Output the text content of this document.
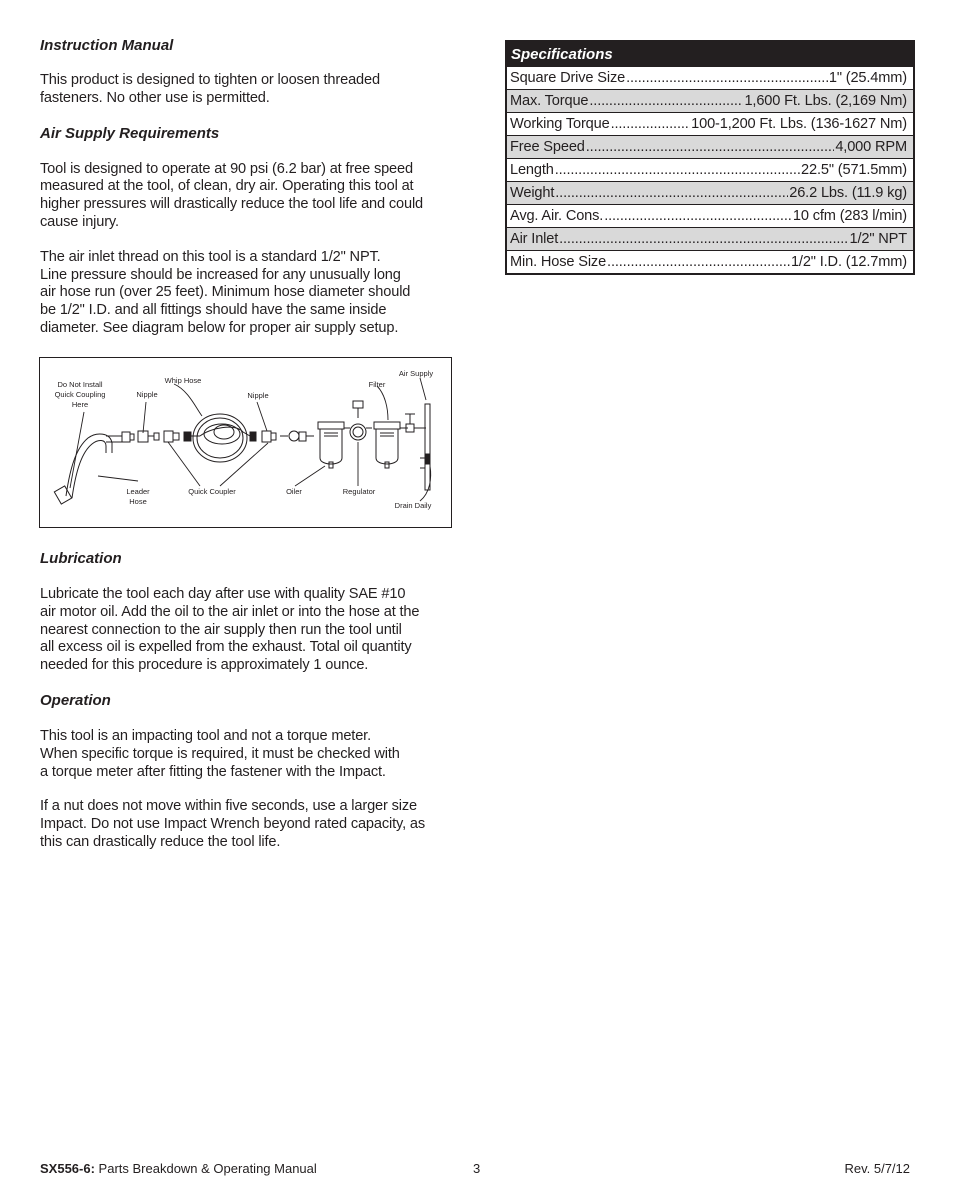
Instruction Manual

This product is designed to tighten or loosen threaded
fasteners. No other use is permitted.

Air Supply Requirements

Tool is designed to operate at 90 psi (6.2 bar) at free speed
measured at the tool, of clean, dry air. Operating this tool at
higher pressures will drastically reduce the tool life and could
cause injury.

The air inlet thread on this tool is a standard 1/2" NPT.
Line pressure should be increased for any unusually long
air hose run (over 25 feet). Minimum hose diameter should
be 1/2" I.D. and all fittings should have the same inside
diameter. See diagram below for proper air supply setup.

Do Not Install
Quick Coupling
Here
Nipple
Whip Hose
Nipple
Filter
Air Supply
Leader
Hose
Quick Coupler	Oiler	Regulator
Drain Daily

Lubrication

Lubricate the tool each day after use with quality SAE #10
air motor oil. Add the oil to the air inlet or into the hose at the
nearest connection to the air supply then run the tool until
all excess oil is expelled from the exhaust. Total oil quantity
needed for this procedure is approximately 1 ounce.

Operation

This tool is an impacting tool and not a torque meter.
When specific torque is required, it must be checked with
a torque meter after fitting the fastener with the Impact.

If a nut does not move within five seconds, use a larger size
Impact. Do not use Impact Wrench beyond rated capacity, as
this can drastically reduce the tool life.

Specifications
Square Drive Size .....	1" (25.4mm)
Max. Torque .....	1,600 Ft. Lbs. (2,169 Nm)
Working Torque .....	100-1,200 Ft. Lbs. (136-1627 Nm)
Free Speed .....	4,000 RPM
Length .....	22.5" (571.5mm)
Weight .....	26.2 Lbs. (11.9 kg)
Avg. Air. Cons. .....	10 cfm (283 l/min)
Air Inlet .....	1/2" NPT
Min. Hose Size .....	1/2" I.D. (12.7mm)
SX556-6: Parts Breakdown & Operating Manual	3	Rev. 5/7/12
